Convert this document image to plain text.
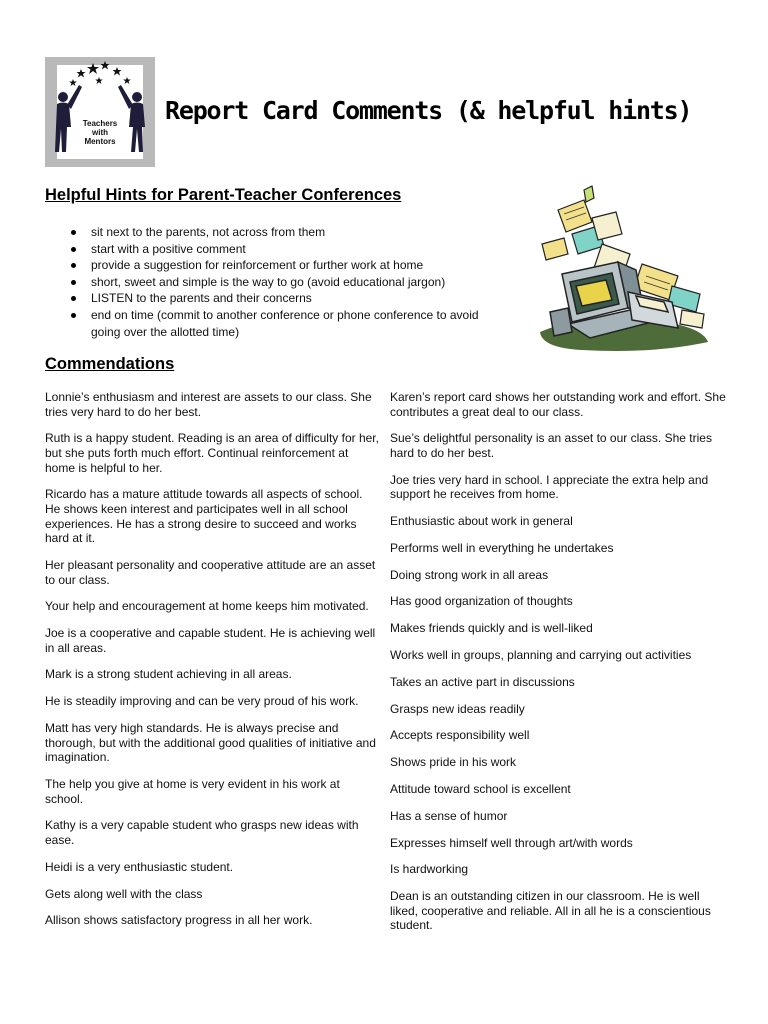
Teachers
with
Mentors
Report Card Comments (& helpful hints)
Helpful Hints for Parent-Teacher Conferences
sit next to the parents, not across from them
start with a positive comment
provide a suggestion for reinforcement or further work at home
short, sweet and simple is the way to go (avoid educational jargon)
LISTEN to the parents and their concerns
end on time (commit to another conference or phone conference to avoid going over the allotted time)
Commendations

Lonnie’s enthusiasm and interest are assets to our class. She tries very hard to do her best.

Ruth is a happy student. Reading is an area of difficulty for her, but she puts forth much effort. Continual reinforcement at home is helpful to her.

Ricardo has a mature attitude towards all aspects of school. He shows keen interest and participates well in all school experiences. He has a strong desire to succeed and works hard at it.

Her pleasant personality and cooperative attitude are an asset to our class.

Your help and encouragement at home keeps him motivated.

Joe is a cooperative and capable student. He is achieving well in all areas.

Mark is a strong student achieving in all areas.

He is steadily improving and can be very proud of his work.

Matt has very high standards. He is always precise and thorough, but with the additional good qualities of initiative and imagination.

The help you give at home is very evident in his work at school.

Kathy is a very capable student who grasps new ideas with ease.

Heidi is a very enthusiastic student.

Gets along well with the class

Allison shows satisfactory progress in all her work.

Karen’s report card shows her outstanding work and effort. She contributes a great deal to our class.

Sue’s delightful personality is an asset to our class. She tries hard to do her best.

Joe tries very hard in school. I appreciate the extra help and support he receives from home.

Enthusiastic about work in general

Performs well in everything he undertakes

Doing strong work in all areas

Has good organization of thoughts

Makes friends quickly and is well-liked

Works well in groups, planning and carrying out activities

Takes an active part in discussions

Grasps new ideas readily

Accepts responsibility well

Shows pride in his work

Attitude toward school is excellent

Has a sense of humor

Expresses himself well through art/with words

Is hardworking

Dean is an outstanding citizen in our classroom. He is well liked, cooperative and reliable. All in all he is a conscientious student.
